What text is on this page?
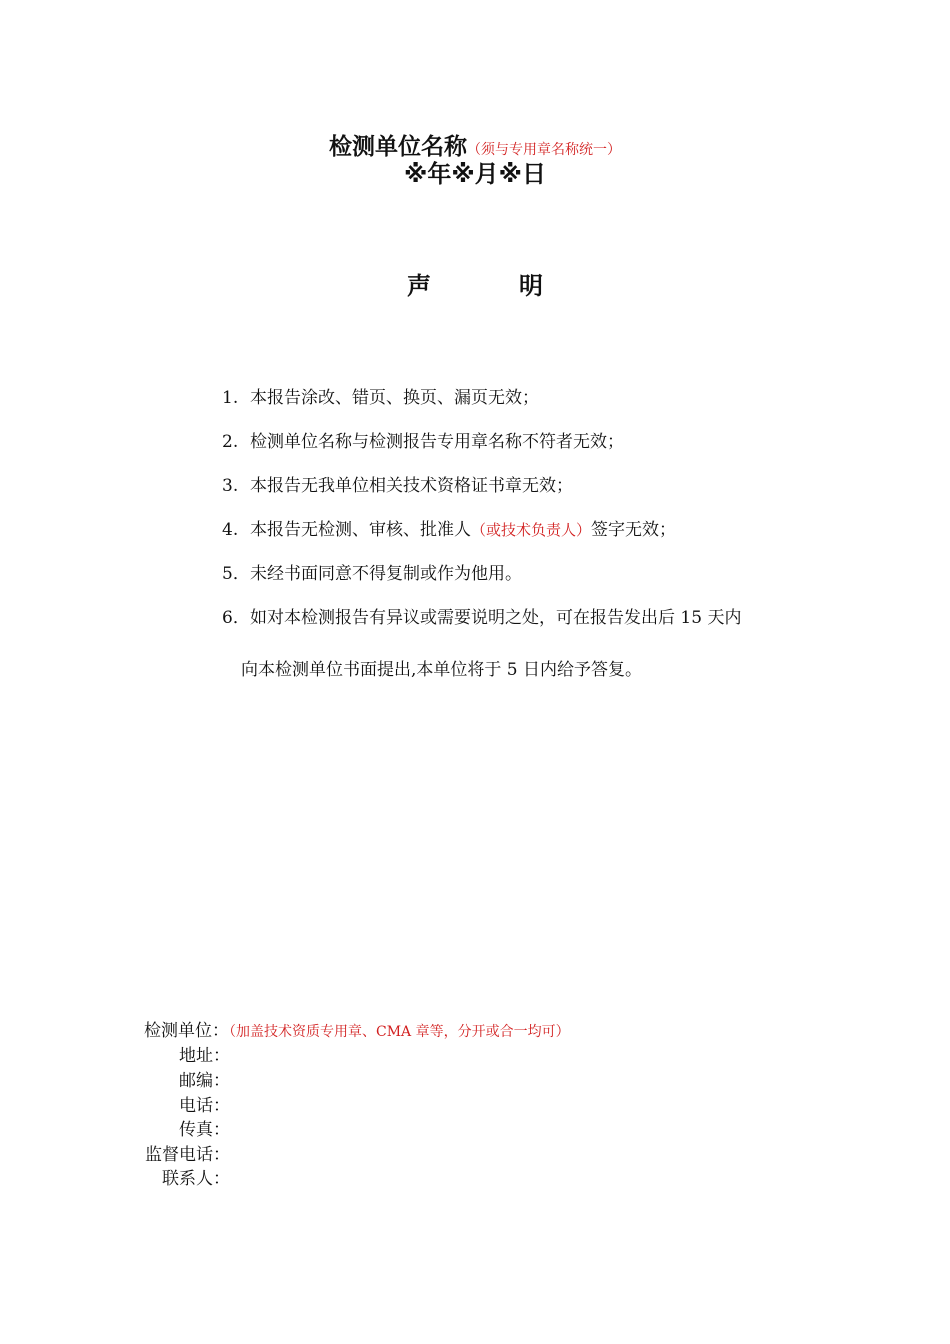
检测单位名称（须与专用章名称统一）
※年※月※日
声	明
1. 本报告涂改、错页、换页、漏页无效；
2. 检测单位名称与检测报告专用章名称不符者无效；
3. 本报告无我单位相关技术资格证书章无效；
4. 本报告无检测、审核、批准人（或技术负责人）签字无效；
5．未经书面同意不得复制或作为他用。
6．如对本检测报告有异议或需要说明之处，可在报告发出后 15 天内
向本检测单位书面提出,本单位将于 5 日内给予答复。
检测单位：（加盖技术资质专用章、CMA 章等，分开或合一均可）
地址：
邮编：
电话：
传真：
监督电话：
联系人：
